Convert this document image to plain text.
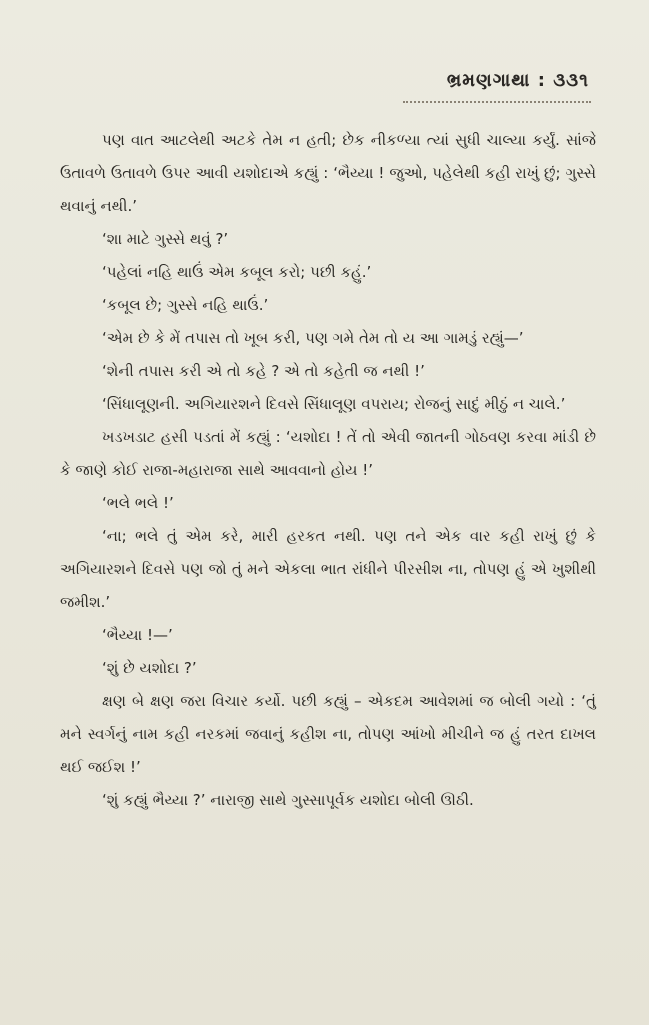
ભ્રમણગાથા : ૩૩૧

પણ વાત આટલેથી અટકે તેમ ન હતી; છેક નીકળ્યા ત્યાં સુધી ચાલ્યા કર્યું. સાંજે ઉતાવળે ઉતાવળે ઉપર આવી યશોદાએ કહ્યું : ‘ભૈય્યા ! જુઓ, પહેલેથી કહી રાખું છું; ગુસ્સે થવાનું નથી.’

‘શા માટે ગુસ્સે થવું ?’

‘પહેલાં નહિ થાઉં એમ કબૂલ કરો; પછી કહું.’

‘કબૂલ છે; ગુસ્સે નહિ થાઉં.’

‘એમ છે કે મેં તપાસ તો ખૂબ કરી, પણ ગમે તેમ તો ય આ ગામડું રહ્યું—’

‘શેની તપાસ કરી એ તો કહે ? એ તો કહેતી જ નથી !’

‘સિંધાલૂણની. અગિયારશને દિવસે સિંધાલૂણ વપરાય; રોજનું સાદું મીઠું ન ચાલે.’

ખડખડાટ હસી પડતાં મેં કહ્યું : ‘યશોદા ! તેં તો એવી જાતની ગોઠવણ કરવા માંડી છે કે જાણે કોઈ રાજા-મહારાજા સાથે આવવાનો હોય !’

‘ભલે ભલે !’

‘ના; ભલે તું એમ કરે, મારી હરકત નથી. પણ તને એક વાર કહી રાખું છું કે અગિયારશને દિવસે પણ જો તું મને એકલા ભાત રાંધીને પીરસીશ ના, તોપણ હું એ ખુશીથી જમીશ.’

‘ભૈય્યા !—’

‘શું છે યશોદા ?’

ક્ષણ બે ક્ષણ જરા વિચાર કર્યો. પછી કહ્યું – એકદમ આવેશમાં જ બોલી ગયો : ‘તું મને સ્વર્ગનું નામ કહી નરકમાં જવાનું કહીશ ના, તોપણ આંખો મીચીને જ હું તરત દાખલ થઈ જઈશ !’

‘શું કહ્યું ભૈય્યા ?’ નારાજી સાથે ગુસ્સાપૂર્વક યશોદા બોલી ઊઠી.
